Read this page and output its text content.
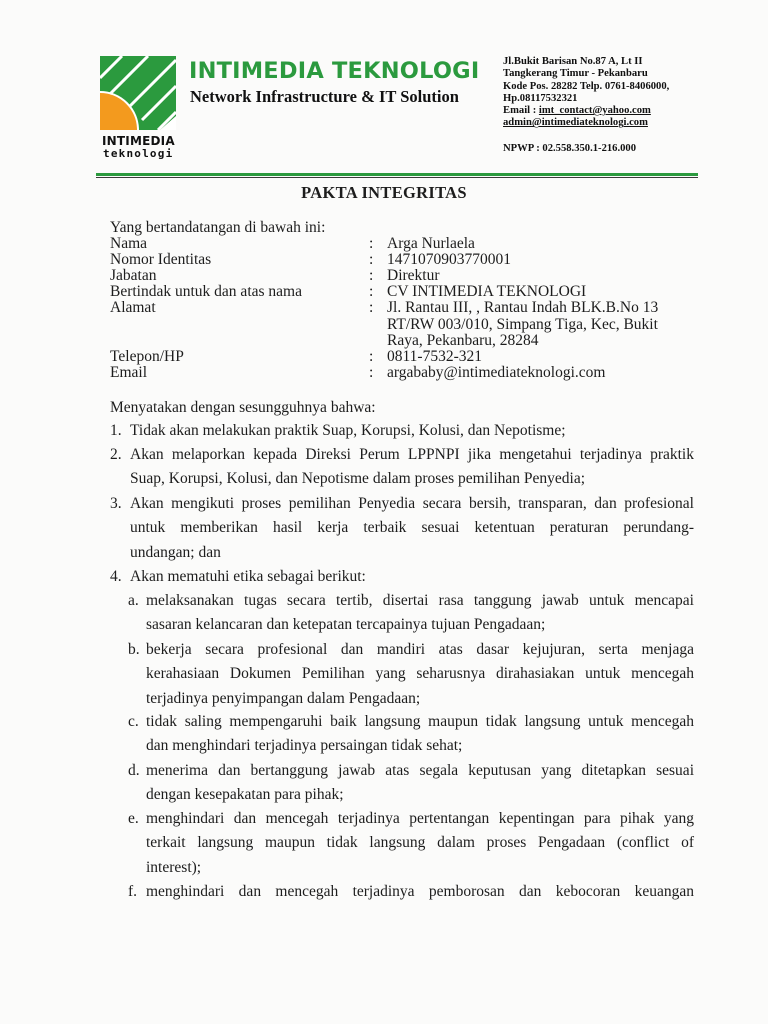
INTIMEDIA
teknologi
INTIMEDIA TEKNOLOGI
Network Infrastructure & IT Solution
Jl.Bukit Barisan No.87 A, Lt II
Tangkerang Timur - Pekanbaru
Kode Pos. 28282 Telp. 0761-8406000,
Hp.08117532321
Email : imt_contact@yahoo.com
admin@intimediateknologi.com
NPWP : 02.558.350.1-216.000
PAKTA INTEGRITAS
Yang bertandatangan di bawah ini:
Nama	: Arga Nurlaela
Nomor Identitas	: 1471070903770001
Jabatan	: Direktur
Bertindak untuk dan atas nama	: CV INTIMEDIA TEKNOLOGI
Alamat	: Jl. Rantau III, , Rantau Indah BLK.B.No 13
RT/RW 003/010, Simpang Tiga, Kec, Bukit
Raya, Pekanbaru, 28284
Telepon/HP	: 0811-7532-321
Email	: argababy@intimediateknologi.com
Menyatakan dengan sesungguhnya bahwa:
1. Tidak akan melakukan praktik Suap, Korupsi, Kolusi, dan Nepotisme;
2. Akan melaporkan kepada Direksi Perum LPPNPI jika mengetahui terjadinya praktik
Suap, Korupsi, Kolusi, dan Nepotisme dalam proses pemilihan Penyedia;
3. Akan mengikuti proses pemilihan Penyedia secara bersih, transparan, dan profesional
untuk memberikan hasil kerja terbaik sesuai ketentuan peraturan perundang-
undangan; dan
4. Akan mematuhi etika sebagai berikut:
a. melaksanakan tugas secara tertib, disertai rasa tanggung jawab untuk mencapai
sasaran kelancaran dan ketepatan tercapainya tujuan Pengadaan;
b. bekerja secara profesional dan mandiri atas dasar kejujuran, serta menjaga
kerahasiaan Dokumen Pemilihan yang seharusnya dirahasiakan untuk mencegah
terjadinya penyimpangan dalam Pengadaan;
c. tidak saling mempengaruhi baik langsung maupun tidak langsung untuk mencegah
dan menghindari terjadinya persaingan tidak sehat;
d. menerima dan bertanggung jawab atas segala keputusan yang ditetapkan sesuai
dengan kesepakatan para pihak;
e. menghindari dan mencegah terjadinya pertentangan kepentingan para pihak yang
terkait langsung maupun tidak langsung dalam proses Pengadaan (conflict of
interest);
f. menghindari dan mencegah terjadinya pemborosan dan kebocoran keuangan
